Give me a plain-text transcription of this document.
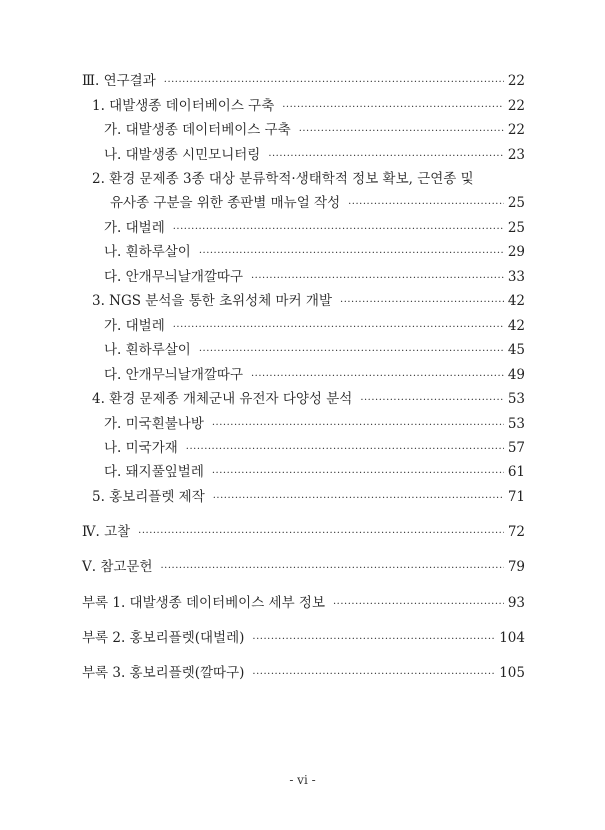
Ⅲ. 연구결과 ·····	22
1. 대발생종 데이터베이스 구축 ·····	22
가. 대발생종 데이터베이스 구축 ·····	22
나. 대발생종 시민모니터링 ·····	23
2. 환경 문제종 3종 대상 분류학적·생태학적 정보 확보, 근연종 및
유사종 구분을 위한 종판별 매뉴얼 작성 ·····	25
가. 대벌레 ·····	25
나. 흰하루살이 ·····	29
다. 안개무늬날개깔따구 ·····	33
3. NGS 분석을 통한 초위성체 마커 개발 ·····	42
가. 대벌레 ·····	42
나. 흰하루살이 ·····	45
다. 안개무늬날개깔따구 ·····	49
4. 환경 문제종 개체군내 유전자 다양성 분석 ·····	53
가. 미국흰불나방 ·····	53
나. 미국가재 ·····	57
다. 돼지풀잎벌레 ·····	61
5. 홍보리플렛 제작 ·····	71
Ⅳ. 고찰 ·····	72
Ⅴ. 참고문헌 ·····	79
부록 1. 대발생종 데이터베이스 세부 정보 ·····	93
부록 2. 홍보리플렛(대벌레) ·····	104
부록 3. 홍보리플렛(깔따구) ·····	105
- vi -
